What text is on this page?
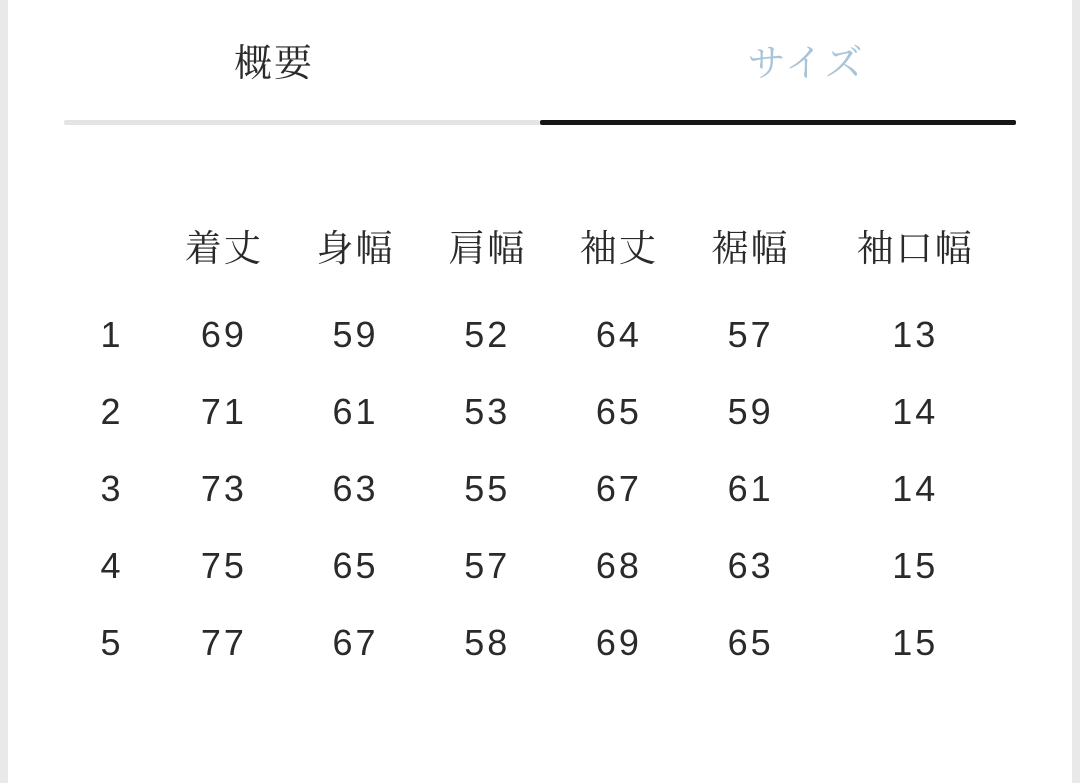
概要	サイズ
	着丈	身幅	肩幅	袖丈	裾幅	袖口幅
1	69	59	52	64	57	13
2	71	61	53	65	59	14
3	73	63	55	67	61	14
4	75	65	57	68	63	15
5	77	67	58	69	65	15
